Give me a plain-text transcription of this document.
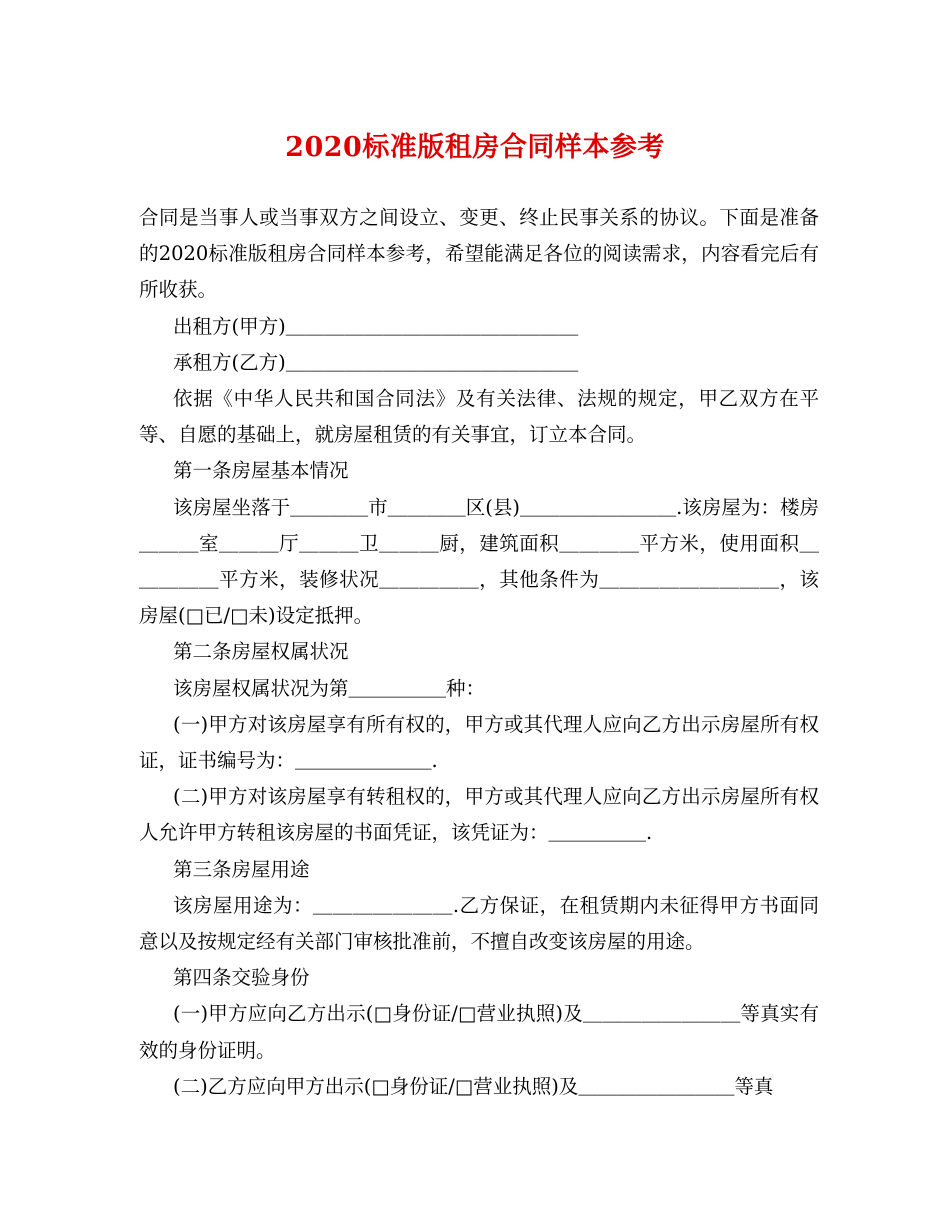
2020标准版租房合同样本参考

合同是当事人或当事双方之间设立、变更、终止民事关系的协议。下面是准备的2020标准版租房合同样本参考，希望能满足各位的阅读需求，内容看完后有所收获。

出租方(甲方)＿＿＿＿＿＿＿＿＿＿＿＿＿＿＿

承租方(乙方)＿＿＿＿＿＿＿＿＿＿＿＿＿＿＿

依据《中华人民共和国合同法》及有关法律、法规的规定，甲乙双方在平等、自愿的基础上，就房屋租赁的有关事宜，订立本合同。

第一条房屋基本情况

该房屋坐落于＿＿＿＿市＿＿＿＿区(县)＿＿＿＿＿＿＿＿.该房屋为：楼房＿＿＿室＿＿＿厅＿＿＿卫＿＿＿厨，建筑面积＿＿＿＿平方米，使用面积＿＿＿＿＿平方米，装修状况＿＿＿＿＿，其他条件为＿＿＿＿＿＿＿＿＿，该房屋(□已/□未)设定抵押。

第二条房屋权属状况

该房屋权属状况为第＿＿＿＿＿种：

(一)甲方对该房屋享有所有权的，甲方或其代理人应向乙方出示房屋所有权证，证书编号为：＿＿＿＿＿＿＿.

(二)甲方对该房屋享有转租权的，甲方或其代理人应向乙方出示房屋所有权人允许甲方转租该房屋的书面凭证，该凭证为：＿＿＿＿＿.

第三条房屋用途

该房屋用途为：＿＿＿＿＿＿＿.乙方保证，在租赁期内未征得甲方书面同意以及按规定经有关部门审核批准前，不擅自改变该房屋的用途。

第四条交验身份

(一)甲方应向乙方出示(□身份证/□营业执照)及＿＿＿＿＿＿＿＿等真实有效的身份证明。

(二)乙方应向甲方出示(□身份证/□营业执照)及＿＿＿＿＿＿＿＿等真
